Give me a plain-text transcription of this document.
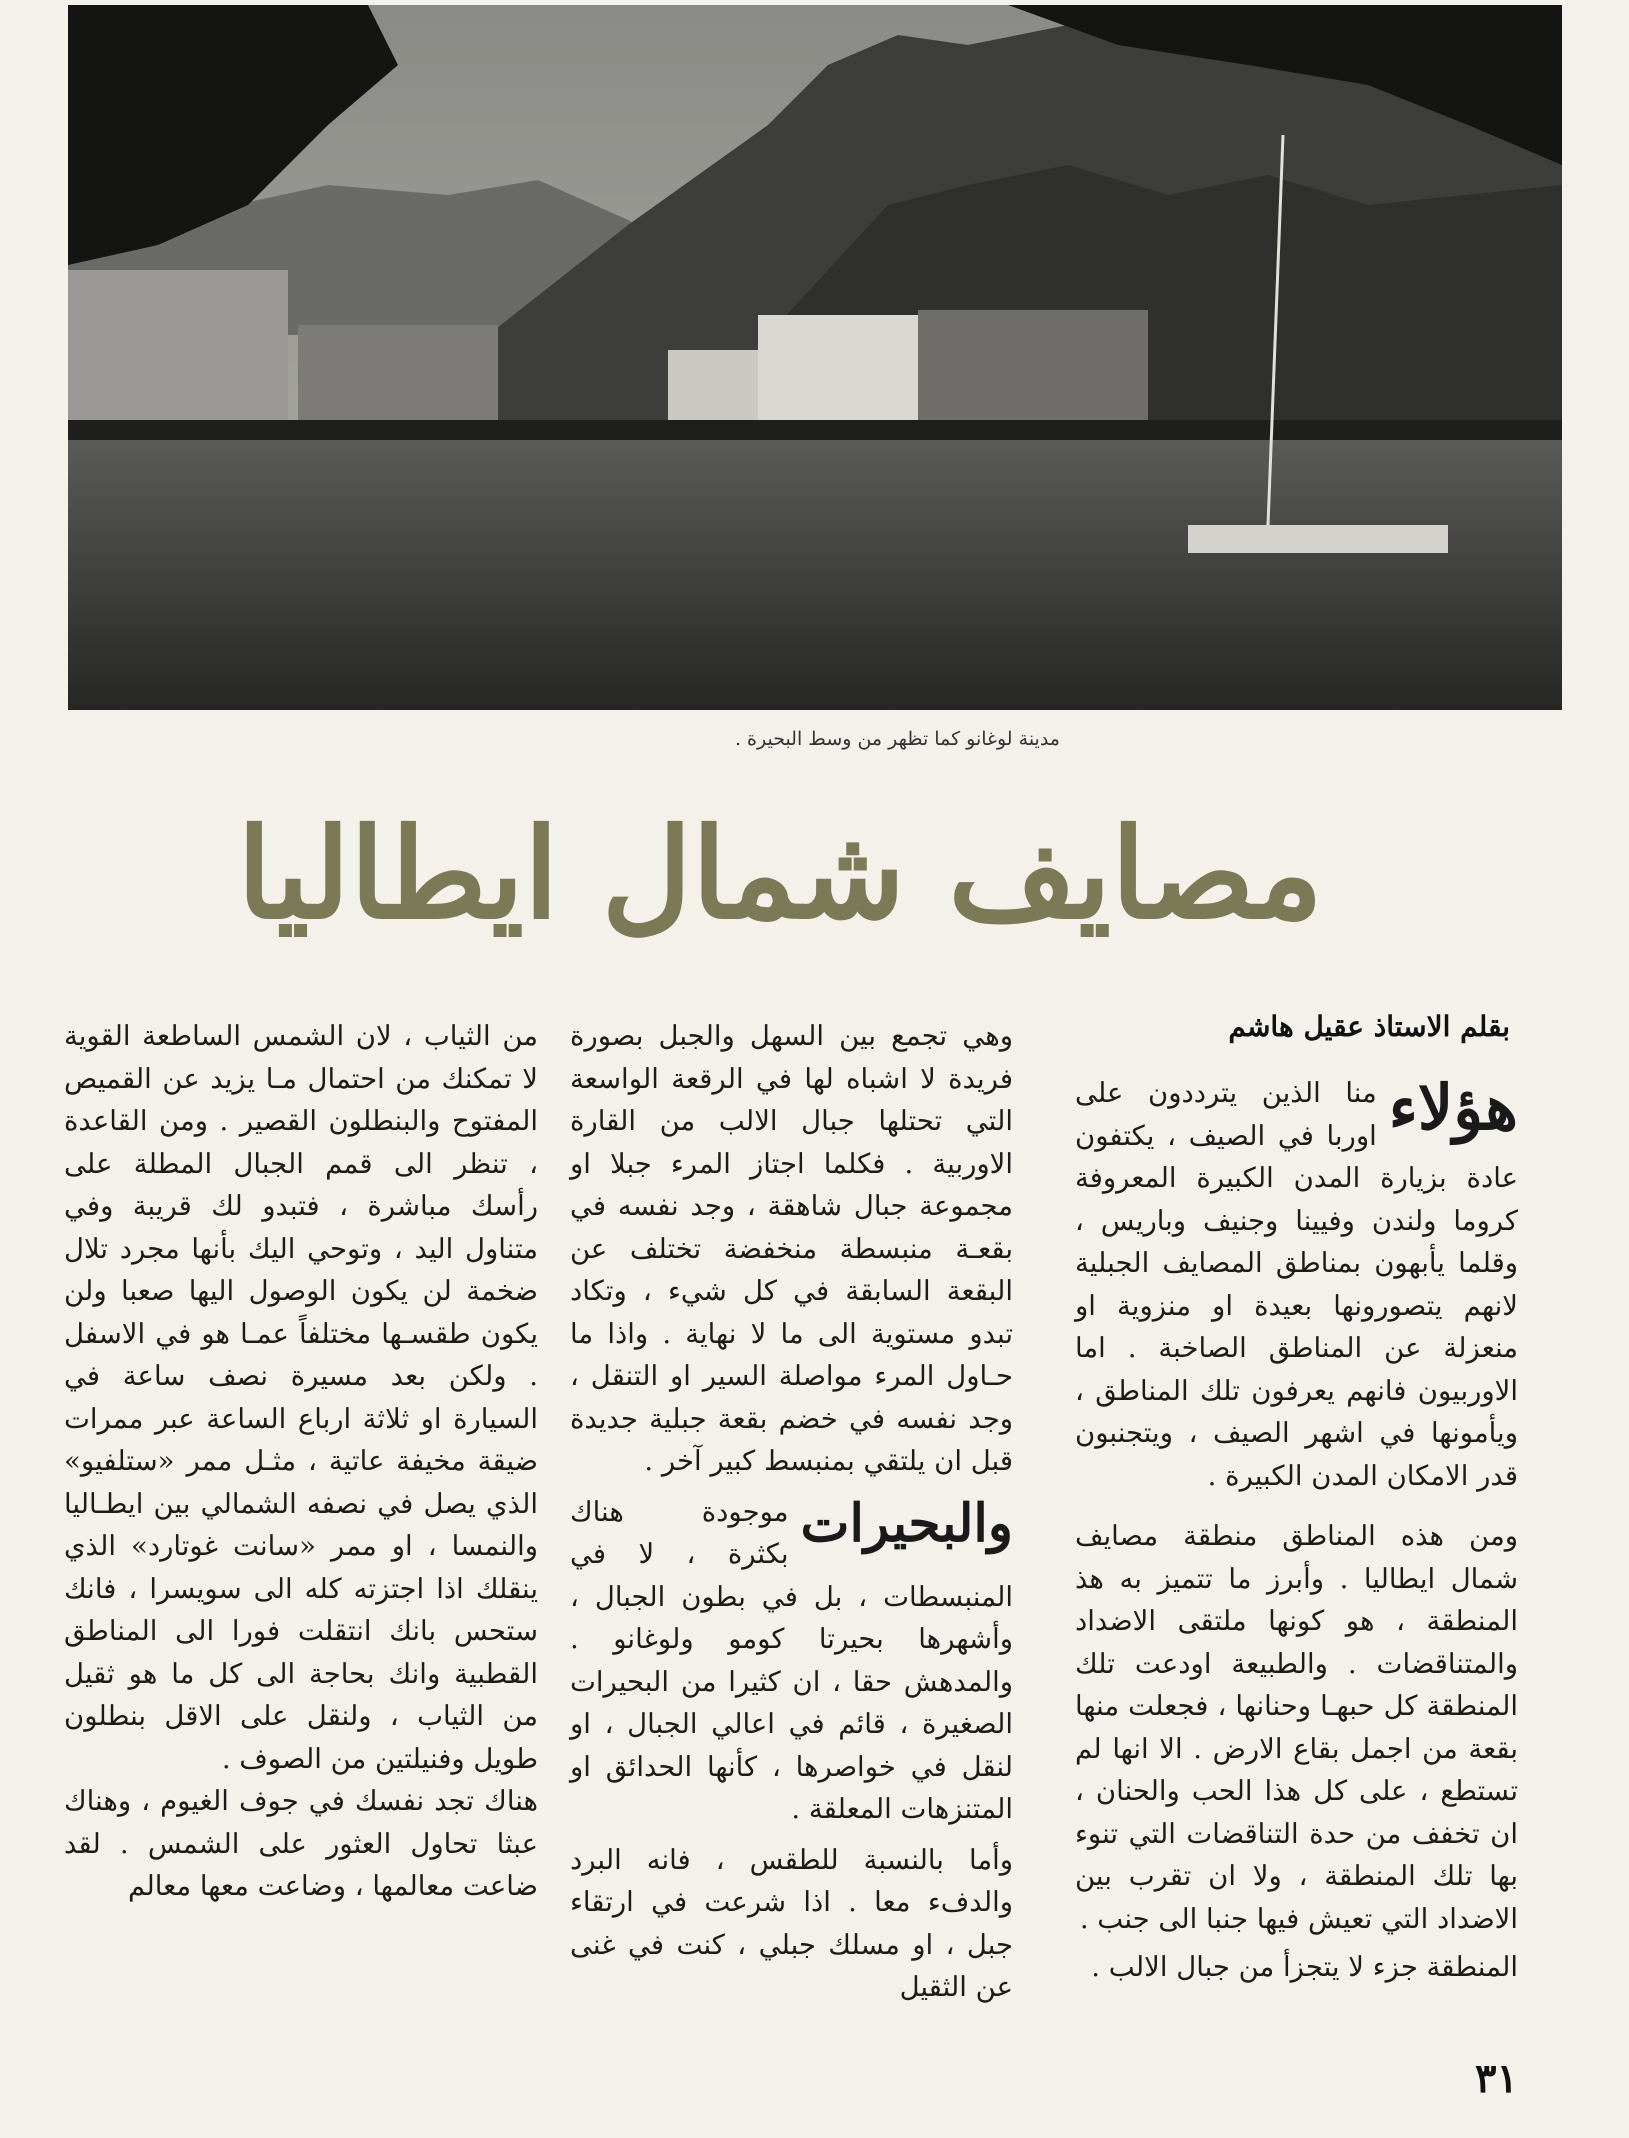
مدينة لوغانو كما تظهر من وسط البحيرة .
مصايف شمال ايطاليا
بقلم الاستاذ عقيل هاشم

هؤلاء
منا الذين يترددون على اوربا في الصيف ، يكتفون عادة بزيارة المدن الكبيرة المعروفة كروما ولندن وفيينا وجنيف وباريس ، وقلما يأبهون بمناطق المصايف الجبلية لانهم يتصورونها بعيدة او منزوية او منعزلة عن المناطق الصاخبة . اما الاوربيون فانهم يعرفون تلك المناطق ، ويأمونها في اشهر الصيف ، ويتجنبون قدر الامكان المدن الكبيرة .

ومن هذه المناطق منطقة مصايف شمال ايطاليا . وأبرز ما تتميز به هذ المنطقة ، هو كونها ملتقى الاضداد والمتناقضات . والطبيعة اودعت تلك المنطقة كل حبهـا وحنانها ، فجعلت منها بقعة من اجمل بقاع الارض . الا انها لم تستطع ، على كل هذا الحب والحنان ، ان تخفف من حدة التناقضات التي تنوء بها تلك المنطقة ، ولا ان تقرب بين الاضداد التي تعيش فيها جنبا الى جنب .

المنطقة جزء لا يتجزأ من جبال الالب .

وهي تجمع بين السهل والجبل بصورة فريدة لا اشباه لها في الرقعة الواسعة التي تحتلها جبال الالب من القارة الاوربية . فكلما اجتاز المرء جبلا او مجموعة جبال شاهقة ، وجد نفسه في بقعـة منبسطة منخفضة تختلف عن البقعة السابقة في كل شيء ، وتكاد تبدو مستوية الى ما لا نهاية . واذا ما حـاول المرء مواصلة السير او التنقل ، وجد نفسه في خضم بقعة جبلية جديدة قبل ان يلتقي بمنبسط كبير آخر .

والبحيرات
موجودة هناك بكثرة ، لا في المنبسطات ، بل في بطون الجبال ، وأشهرها بحيرتا كومو ولوغانو . والمدهش حقا ، ان كثيرا من البحيرات الصغيرة ، قائم في اعالي الجبال ، او لنقل في خواصرها ، كأنها الحدائق او المتنزهات المعلقة .

وأما بالنسبة للطقس ، فانه البرد والدفء معا . اذا شرعت في ارتقاء جبل ، او مسلك جبلي ، كنت في غنى عن الثقيل

من الثياب ، لان الشمس الساطعة القوية لا تمكنك من احتمال مـا يزيد عن القميص المفتوح والبنطلون القصير . ومن القاعدة ، تنظر الى قمم الجبال المطلة على رأسك مباشرة ، فتبدو لك قريبة وفي متناول اليد ، وتوحي اليك بأنها مجرد تلال ضخمة لن يكون الوصول اليها صعبا ولن يكون طقسـها مختلفاً عمـا هو في الاسفل . ولكن بعد مسيرة نصف ساعة في السيارة او ثلاثة ارباع الساعة عبر ممرات ضيقة مخيفة عاتية ، مثـل ممر «ستلفيو» الذي يصل في نصفه الشمالي بين ايطـاليا والنمسا ، او ممر «سانت غوتارد» الذي ينقلك اذا اجتزته كله الى سويسرا ، فانك ستحس بانك انتقلت فورا الى المناطق القطبية وانك بحاجة الى كل ما هو ثقيل من الثياب ، ولنقل على الاقل بنطلون طويل وفنيلتين من الصوف .

هناك تجد نفسك في جوف الغيوم ، وهناك عبثا تحاول العثور على الشمس . لقد ضاعت معالمها ، وضاعت معها معالم

٣١
